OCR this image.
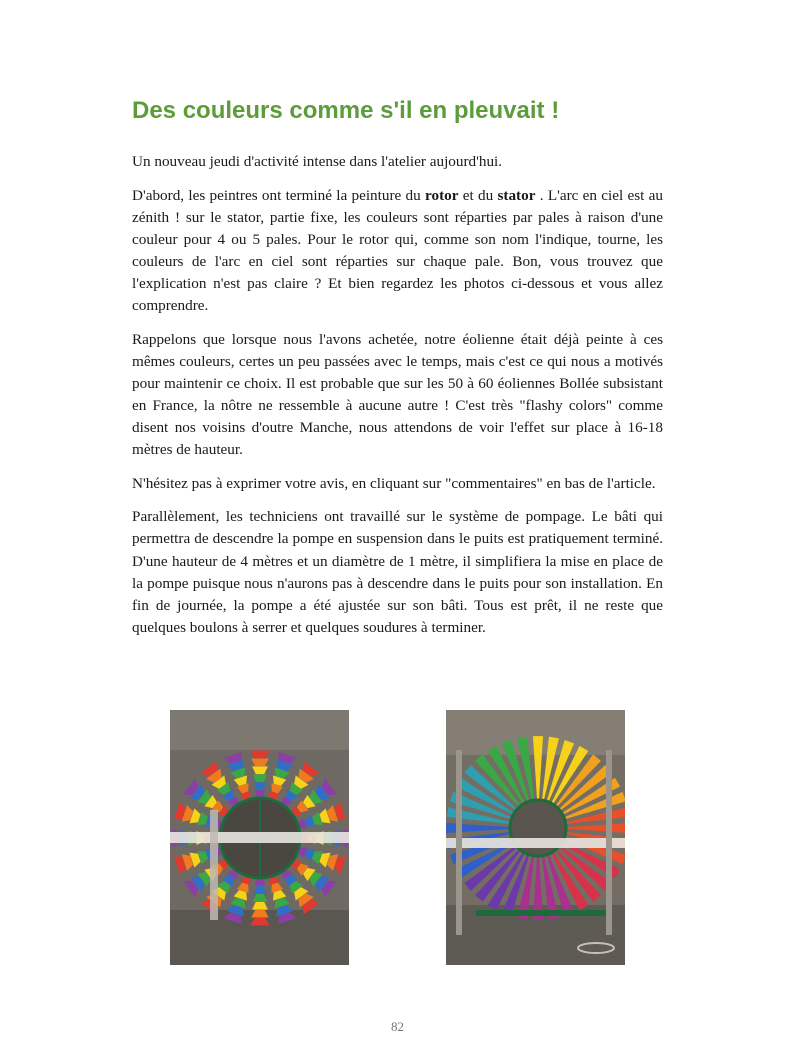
Des couleurs comme s'il en pleuvait !

Un nouveau jeudi d'activité intense dans l'atelier aujourd'hui.

D'abord, les peintres ont terminé la peinture du rotor et du stator . L'arc en ciel est au zénith ! sur le stator, partie fixe, les couleurs sont réparties par pales à raison d'une couleur pour 4 ou 5 pales. Pour le rotor qui, comme son nom l'indique, tourne, les couleurs de l'arc en ciel sont réparties sur chaque pale. Bon, vous trouvez que l'explication n'est pas claire ? Et bien regardez les photos ci-dessous et vous allez comprendre.

Rappelons que lorsque nous l'avons achetée, notre éolienne était déjà peinte à ces mêmes couleurs, certes un peu passées avec le temps, mais c'est ce qui nous a motivés pour maintenir ce choix. Il est probable que sur les 50 à 60 éoliennes Bollée subsistant en France, la nôtre ne ressemble à aucune autre ! C'est très "flashy colors" comme disent nos voisins d'outre Manche, nous attendons de voir l'effet sur place à 16-18 mètres de hauteur.

N'hésitez pas à exprimer votre avis, en cliquant sur "commentaires" en bas de l'article.

Parallèlement, les techniciens ont travaillé sur le système de pompage. Le bâti qui permettra de descendre la pompe en suspension dans le puits est pratiquement terminé. D'une hauteur de 4 mètres et un diamètre de 1 mètre, il simplifiera la mise en place de la pompe puisque nous n'aurons pas à descendre dans le puits pour son installation. En fin de journée, la pompe a été ajustée sur son bâti. Tous est prêt, il ne reste que quelques boulons à serrer et quelques soudures à terminer.

82
